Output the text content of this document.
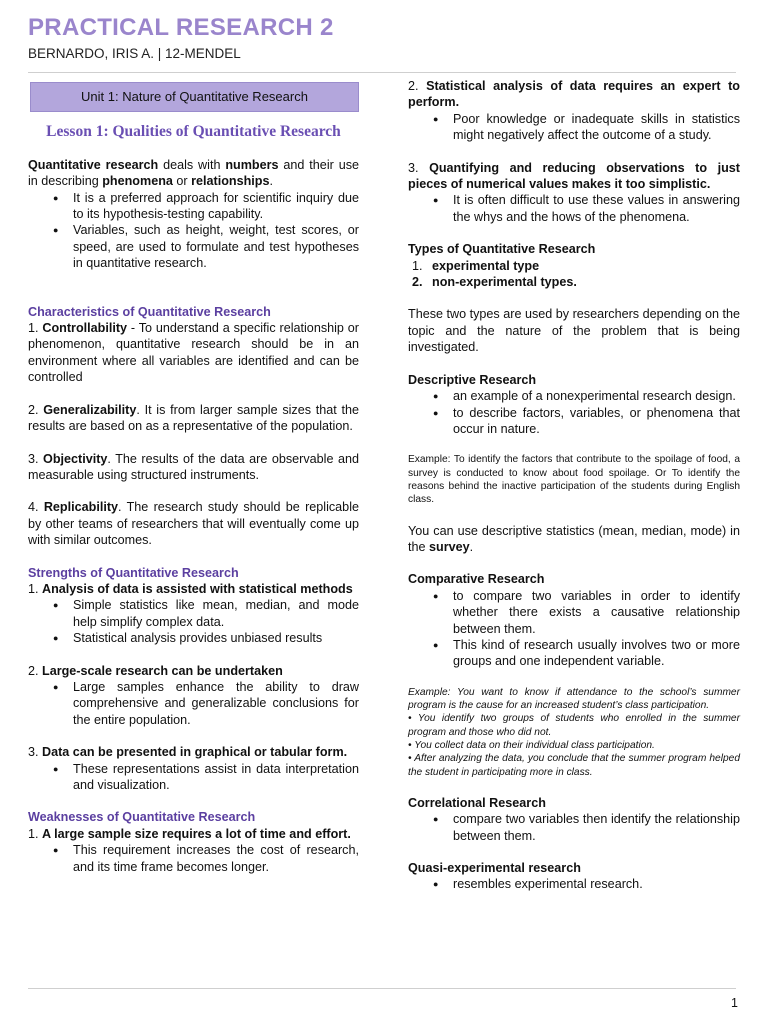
PRACTICAL RESEARCH 2
BERNARDO, IRIS A. | 12-MENDEL
Unit 1: Nature of Quantitative Research
Lesson 1: Qualities of Quantitative Research

Quantitative research deals with numbers and their use in describing phenomena or relationships.

● It is a preferred approach for scientific inquiry due to its hypothesis-testing capability.
● Variables, such as height, weight, test scores, or speed, are used to formulate and test hypotheses in quantitative research.
Characteristics of Quantitative Research

1. Controllability - To understand a specific relationship or phenomenon, quantitative research should be in an environment where all variables are identified and can be controlled

2. Generalizability. It is from larger sample sizes that the results are based on as a representative of the population.

3. Objectivity. The results of the data are observable and measurable using structured instruments.

4. Replicability. The research study should be replicable by other teams of researchers that will eventually come up with similar outcomes.

Strengths of Quantitative Research

1. Analysis of data is assisted with statistical methods

● Simple statistics like mean, median, and mode help simplify complex data.
● Statistical analysis provides unbiased results

2. Large-scale research can be undertaken

● Large samples enhance the ability to draw comprehensive and generalizable conclusions for the entire population.

3. Data can be presented in graphical or tabular form.

● These representations assist in data interpretation and visualization.
Weaknesses of Quantitative Research

1. A large sample size requires a lot of time and effort.

● This requirement increases the cost of research, and its time frame becomes longer.

2. Statistical analysis of data requires an expert to perform.

● Poor knowledge or inadequate skills in statistics might negatively affect the outcome of a study.

3. Quantifying and reducing observations to just pieces of numerical values makes it too simplistic.

● It is often difficult to use these values in answering the whys and the hows of the phenomena.
Types of Quantitative Research
1. experimental type
2. non-experimental types.

These two types are used by researchers depending on the topic and the nature of the problem that is being investigated.

Descriptive Research
● an example of a nonexperimental research design.
● to describe factors, variables, or phenomena that occur in nature.

Example: To identify the factors that contribute to the spoilage of food, a survey is conducted to know about food spoilage. Or To identify the reasons behind the inactive participation of the students during English class.

You can use descriptive statistics (mean, median, mode) in the survey.

Comparative Research
● to compare two variables in order to identify whether there exists a causative relationship between them.
● This kind of research usually involves two or more groups and one independent variable.
Example: You want to know if attendance to the school’s summer program is the cause for an increased student’s class participation.
• You identify two groups of students who enrolled in the summer program and those who did not.
• You collect data on their individual class participation.
• After analyzing the data, you conclude that the summer program helped the student in participating more in class.
Correlational Research
● compare two variables then identify the relationship between them.
Quasi-experimental research
● resembles experimental research.
1
